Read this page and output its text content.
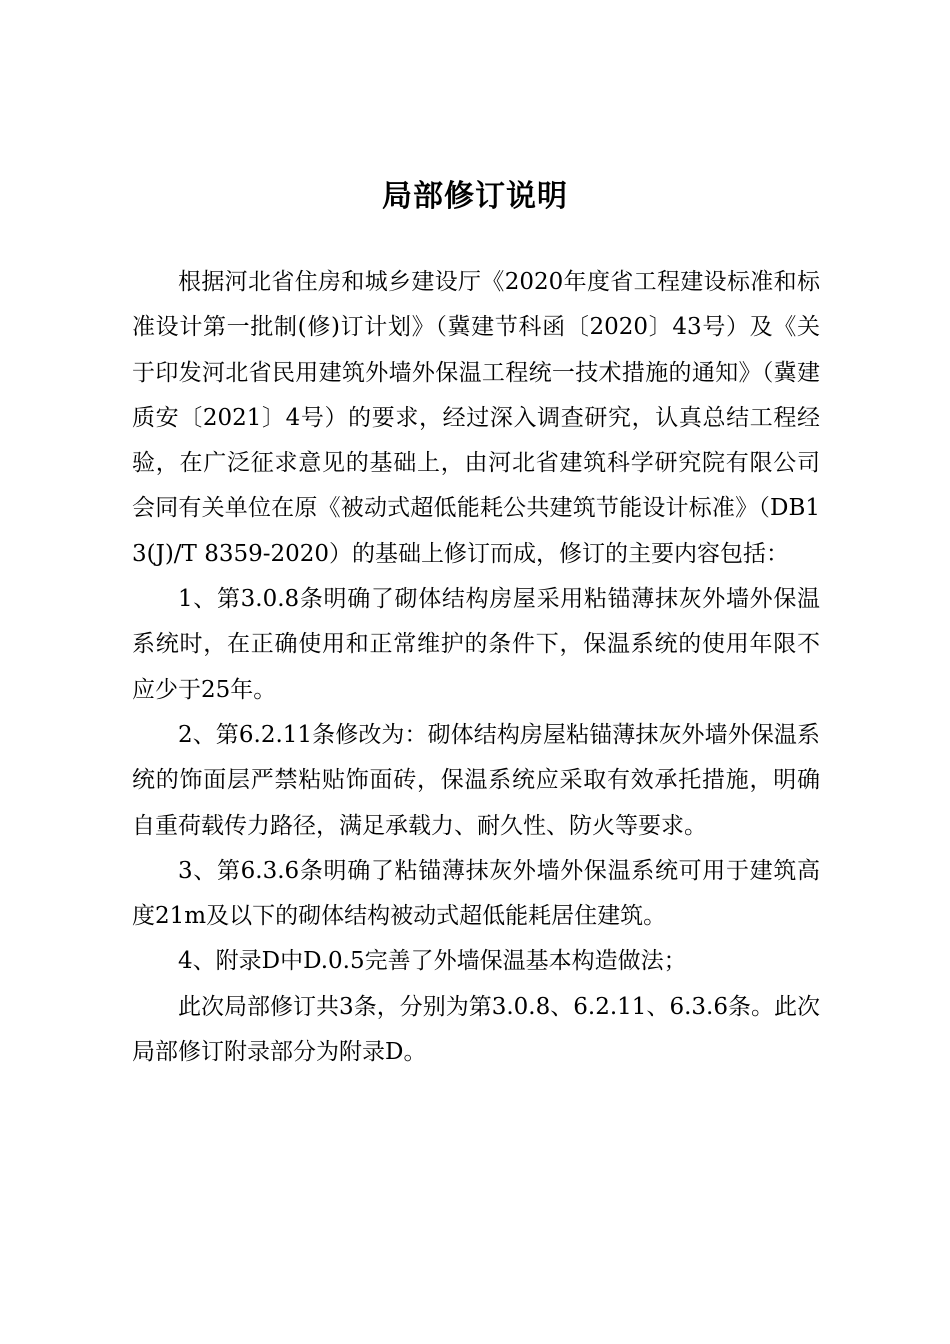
局部修订说明

根据河北省住房和城乡建设厅《2020年度省工程建设标准和标准设计第一批制(修)订计划》（冀建节科函〔2020〕43号）及《关于印发河北省民用建筑外墙外保温工程统一技术措施的通知》（冀建质安〔2021〕4号）的要求，经过深入调查研究，认真总结工程经验，在广泛征求意见的基础上，由河北省建筑科学研究院有限公司会同有关单位在原《被动式超低能耗公共建筑节能设计标准》（DB13(J)/T 8359-2020）的基础上修订而成，修订的主要内容包括：

1、第3.0.8条明确了砌体结构房屋采用粘锚薄抹灰外墙外保温系统时，在正确使用和正常维护的条件下，保温系统的使用年限不应少于25年。

2、第6.2.11条修改为：砌体结构房屋粘锚薄抹灰外墙外保温系统的饰面层严禁粘贴饰面砖，保温系统应采取有效承托措施，明确自重荷载传力路径，满足承载力、耐久性、防火等要求。

3、第6.3.6条明确了粘锚薄抹灰外墙外保温系统可用于建筑高度21m及以下的砌体结构被动式超低能耗居住建筑。

4、附录D中D.0.5完善了外墙保温基本构造做法；

此次局部修订共3条，分别为第3.0.8、6.2.11、6.3.6条。此次局部修订附录部分为附录D。
